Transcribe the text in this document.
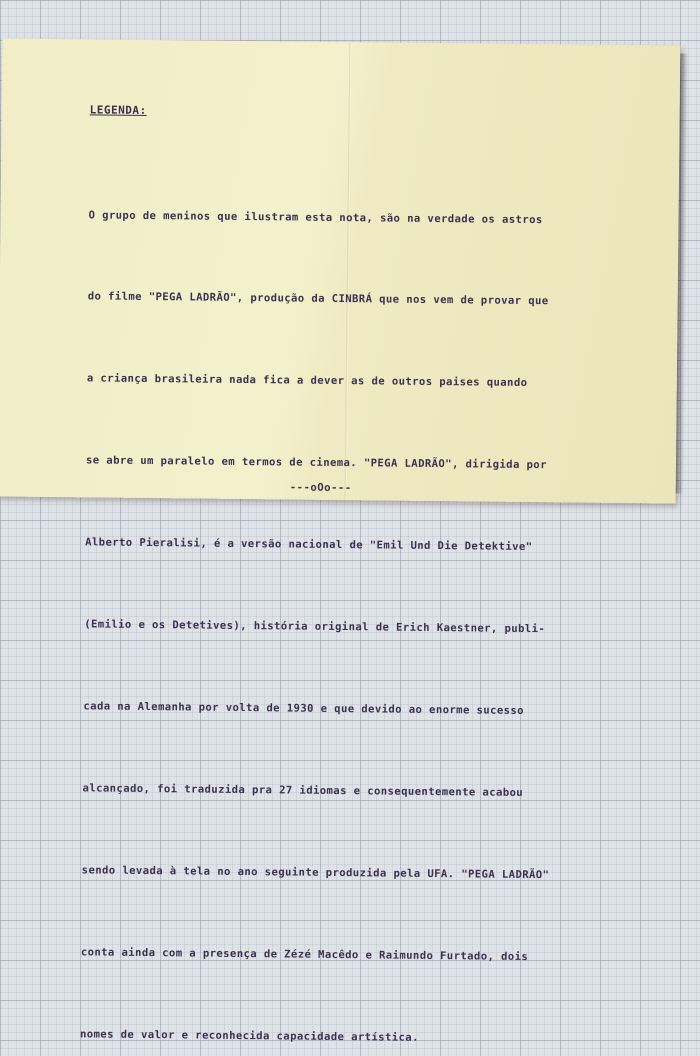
LEGENDA:

O grupo de meninos que ilustram esta nota, são na verdade os astros

do filme "PEGA LADRÃO", produção da CINBRÁ que nos vem de provar que

a criança brasileira nada fica a dever as de outros paises quando

se abre um paralelo em termos de cinema. "PEGA LADRÃO", dirigida por

Alberto Pieralisi, é a versão nacional de "Emil Und Die Detektive"

(Emilio e os Detetives), história original de Erich Kaestner, publi-

cada na Alemanha por volta de 1930 e que devido ao enorme sucesso

alcançado, foi traduzida pra 27 idiomas e consequentemente acabou

sendo levada à tela no ano seguinte produzida pela UFA. "PEGA LADRÃO"

conta ainda com a presença de Zézé Macêdo e Raimundo Furtado, dois

nomes de valor e reconhecida capacidade artística.

---oOo---
